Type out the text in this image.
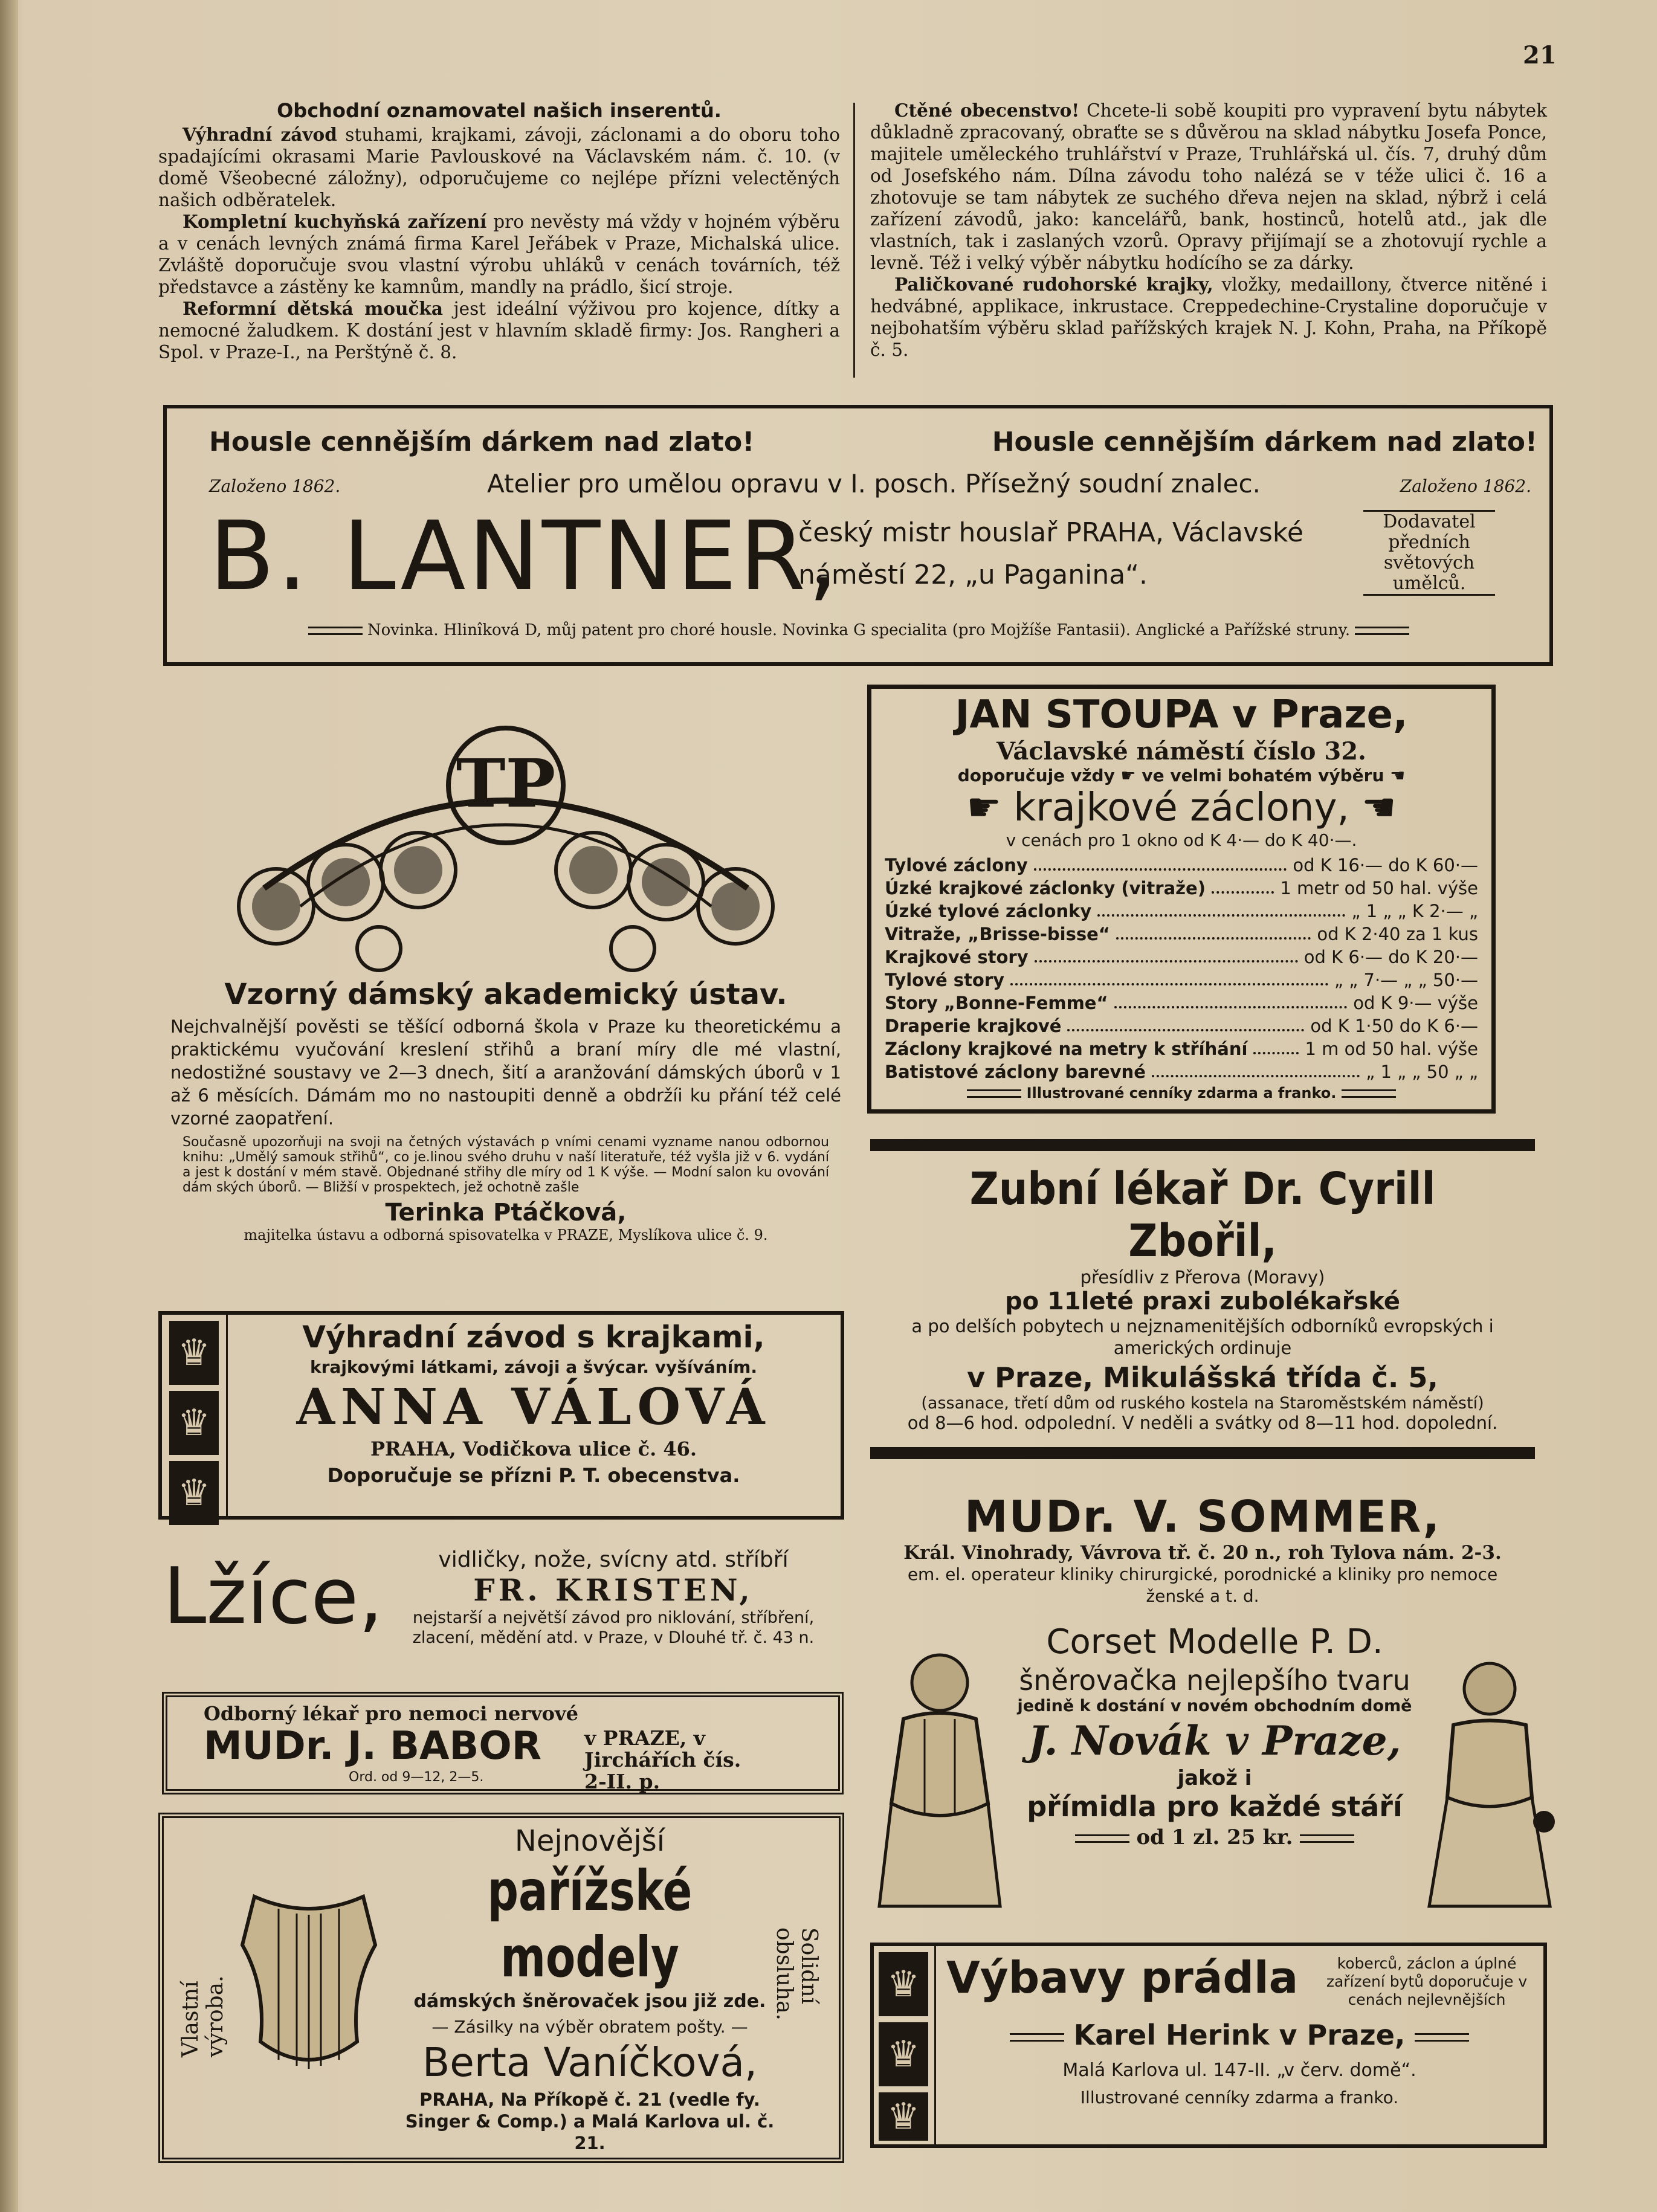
21
Obchodní oznamovatel našich inserentů.

Výhradní závod stuhami, krajkami, závoji, záclonami a do oboru toho spadajícími okrasami Marie Pavlouskové na Václavském nám. č. 10. (v domě Všeobecné záložny), odporučujeme co nejlépe přízni velectěných našich odběratelek.

Kompletní kuchyňská zařízení pro nevěsty má vždy v hojném výběru a v cenách levných známá firma Karel Jeřábek v Praze, Michalská ulice. Zvláště doporučuje svou vlastní výrobu uhláků v cenách továrních, též představce a zástěny ke kamnům, mandly na prádlo, šicí stroje.

Reformní dětská moučka jest ideální výživou pro kojence, dítky a nemocné žaludkem. K dostání jest v hlavním skladě firmy: Jos. Rangheri a Spol. v Praze-I., na Perštýně č. 8.

Ctěné obecenstvo! Chcete-li sobě koupiti pro vypravení bytu nábytek důkladně zpracovaný, obraťte se s důvěrou na sklad nábytku Josefa Ponce, majitele uměleckého truhlářství v Praze, Truhlářská ul. čís. 7, druhý dům od Josefského nám. Dílna závodu toho nalézá se v téže ulici č. 16 a zhotovuje se tam nábytek ze suchého dřeva nejen na sklad, nýbrž i celá zařízení závodů, jako: kancelářů, bank, hostinců, hotelů atd., jak dle vlastních, tak i zaslaných vzorů. Opravy přijímají se a zhotovují rychle a levně. Též i velký výběr nábytku hodícího se za dárky.

Paličkované rudohorské krajky, vložky, medaillony, čtverce nitěné i hedvábné, applikace, inkrustace. Creppedechine-Crystaline doporučuje v nejbohatším výběru sklad pařížských krajek N. J. Kohn, Praha, na Příkopě č. 5.

Housle cennějším dárkem nad zlato!	Housle cennějším dárkem nad zlato!
Založeno 1862.	Založeno 1862.
Atelier pro umělou opravu v I. posch. Přísežný soudní znalec.
B. LANTNER,
český mistr houslař PRAHA, Václavské
náměstí 22, „u Paganina“.
Dodavatel předních světových umělců.
Novinka. Hlinîková D, můj patent pro choré housle. Novinka G specialita (pro Mojžíše Fantasii). Anglické a Pařížské struny.
TP
Vzorný dámský akademický ústav.
Nejchvalnější pověsti se těšící odborná škola v Praze ku theoretickému a praktickému vyučování kreslení střihů a braní míry dle mé vlastní, nedostižné soustavy ve 2—3 dnech, šití a aranžování dámských úborů v 1 až 6 měsících. Dámám mo no nastoupiti denně a obdržíi ku přání též celé vzorné zaopatření.
Současně upozorňuji na svoji na četných výstavách p vními cenami vyzname nanou odbornou knihu: „Umělý samouk střihů“, co je.linou svého druhu v naší literatuře, též vyšla již v 6. vydání a jest k dostání v mém stavě. Objednané střihy dle míry od 1 K výše. — Modní salon ku ovování dám ských úborů. — Bližší v prospektech, jež ochotně zašle
Terinka Ptáčková,
majitelka ústavu a odborná spisovatelka v PRAZE, Myslíkova ulice č. 9.
JAN STOUPA v Praze,
Václavské náměstí číslo 32.
doporučuje vždy ☛ ve velmi bohatém výběru ☚
☛ krajkové záclony, ☚
v cenách pro 1 okno od K 4·— do K 40·—.
Tylové záclony	od K 16·— do K 60·—
Úzké krajkové záclonky (vitraže)	1 metr od 50 hal. výše
Úzké tylové záclonky	„ 1 „ „ K 2·— „
Vitraže, „Brisse-bisse“	od K 2·40 za 1 kus
Krajkové story	od K 6·— do K 20·—
Tylové story	„ „ 7·— „ „ 50·—
Story „Bonne-Femme“	od K 9·— výše
Draperie krajkové	od K 1·50 do K 6·—
Záclony krajkové na metry k stříhání	1 m od 50 hal. výše
Batistové záclony barevné	„ 1 „ „ 50 „ „
Illustrované cenníky zdarma a franko.
Zubní lékař Dr. Cyrill Zbořil,
přesídliv z Přerova (Moravy)
po 11leté praxi zubolékařské
a po delších pobytech u nejznamenitějších odborníků evropských i amerických ordinuje
v Praze, Mikulášská třída č. 5,
(assanace, třetí dům od ruského kostela na Staroměstském náměstí)
od 8—6 hod. odpolední. V neděli a svátky od 8—11 hod. dopolední.
♛
♛
♛
Výhradní závod s krajkami,
krajkovými látkami, závoji a švýcar. vyšíváním.
ANNA VÁLOVÁ
PRAHA, Vodičkova ulice č. 46.
Doporučuje se přízni P. T. obecenstva.
MUDr. V. SOMMER,
Král. Vinohrady, Vávrova tř. č. 20 n., roh Tylova nám. 2-3.
em. el. operateur kliniky chirurgické, porodnické a kliniky pro nemoce ženské a t. d.
Lžíce,	vidličky, nože, svícny atd. stříbří
FR. KRISTEN,
nejstarší a největší závod pro niklování, stříbření, zlacení, mědění atd. v Praze, v Dlouhé tř. č. 43 n.
Odborný lékař pro nemoci nervové
MUDr. J. BABOR v PRAZE, v Jirchářích čís. 2-II. p.
Ord. od 9—12, 2—5.
Vlastní výroba.
Solidní obsluha.
Nejnovější
pařížské modely
dámských šněrovaček jsou již zde.
— Zásilky na výběr obratem pošty. —
Berta Vaníčková,
PRAHA, Na Příkopě č. 21 (vedle fy. Singer & Comp.) a Malá Karlova ul. č. 21.
Corset Modelle P. D.
šněrovačka nejlepšího tvaru
jedině k dostání v novém obchodním domě
J. Novák v Praze,
jakož i
přímidla pro každé stáří
od 1 zl. 25 kr.
♛
♛
♛
Výbavy prádla	koberců, záclon a úplné zařízení bytů doporučuje v cenách nejlevnějších
Karel Herink v Praze,
Malá Karlova ul. 147-II. „v červ. domě“.
Illustrované cenníky zdarma a franko.
